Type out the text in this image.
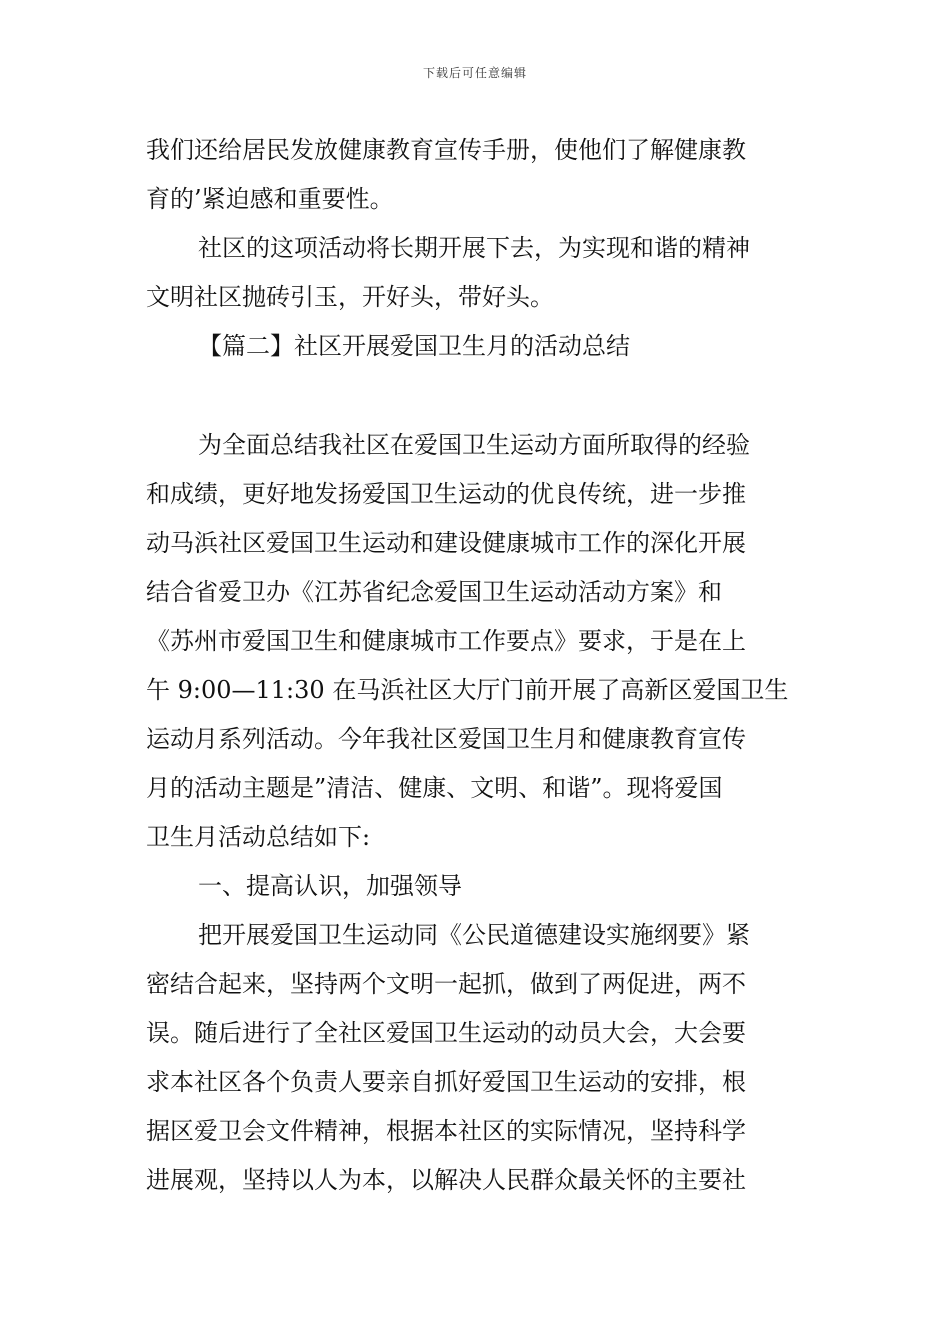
下载后可任意编辑
我们还给居民发放健康教育宣传手册，使他们了解健康教
育的’紧迫感和重要性。
社区的这项活动将长期开展下去，为实现和谐的精神
文明社区抛砖引玉，开好头，带好头。
【篇二】社区开展爱国卫生月的活动总结
为全面总结我社区在爱国卫生运动方面所取得的经验
和成绩，更好地发扬爱国卫生运动的优良传统，进一步推
动马浜社区爱国卫生运动和建设健康城市工作的深化开展
结合省爱卫办《江苏省纪念爱国卫生运动活动方案》和
《苏州市爱国卫生和健康城市工作要点》要求，于是在上
午 9:00—11:30 在马浜社区大厅门前开展了高新区爱国卫生
运动月系列活动。今年我社区爱国卫生月和健康教育宣传
月的活动主题是”清洁、健康、文明、和谐”。现将爱国
卫生月活动总结如下:
一、提高认识，加强领导
把开展爱国卫生运动同《公民道德建设实施纲要》紧
密结合起来，坚持两个文明一起抓，做到了两促进，两不
误。随后进行了全社区爱国卫生运动的动员大会，大会要
求本社区各个负责人要亲自抓好爱国卫生运动的安排，根
据区爱卫会文件精神，根据本社区的实际情况，坚持科学
进展观，坚持以人为本，以解决人民群众最关怀的主要社
